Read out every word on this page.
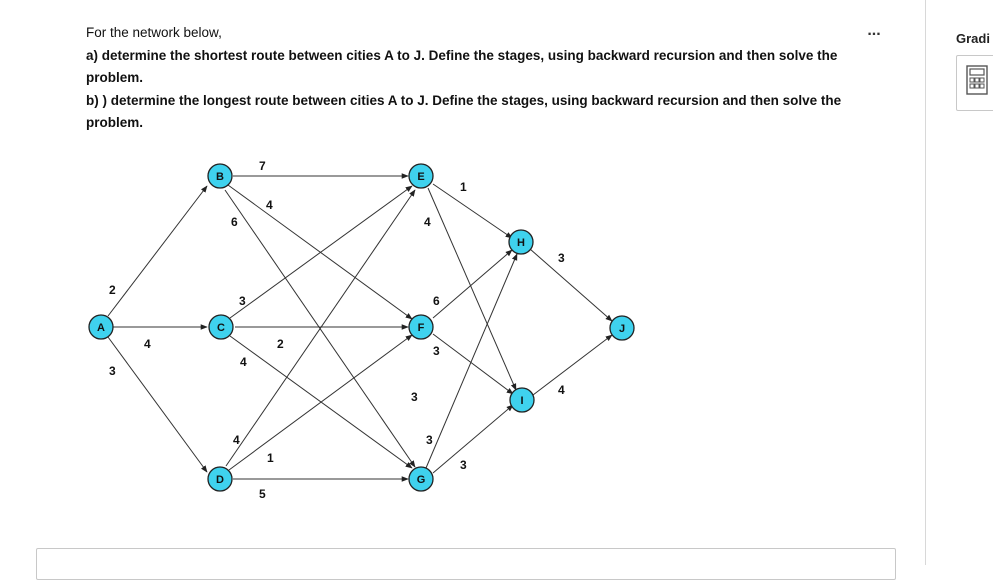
For the network below,

a) determine the shortest route between cities A to J. Define the stages, using backward recursion and then solve the problem.

b) ) determine the longest route between cities A to J. Define the stages, using backward recursion and then solve the problem.

...
A
B
C
D
E
F
G
H
I
J
7
6
4
1
2
3
4	2
4
3
3
6
4
3
4
1
5
3
3
3
4
Gradi
